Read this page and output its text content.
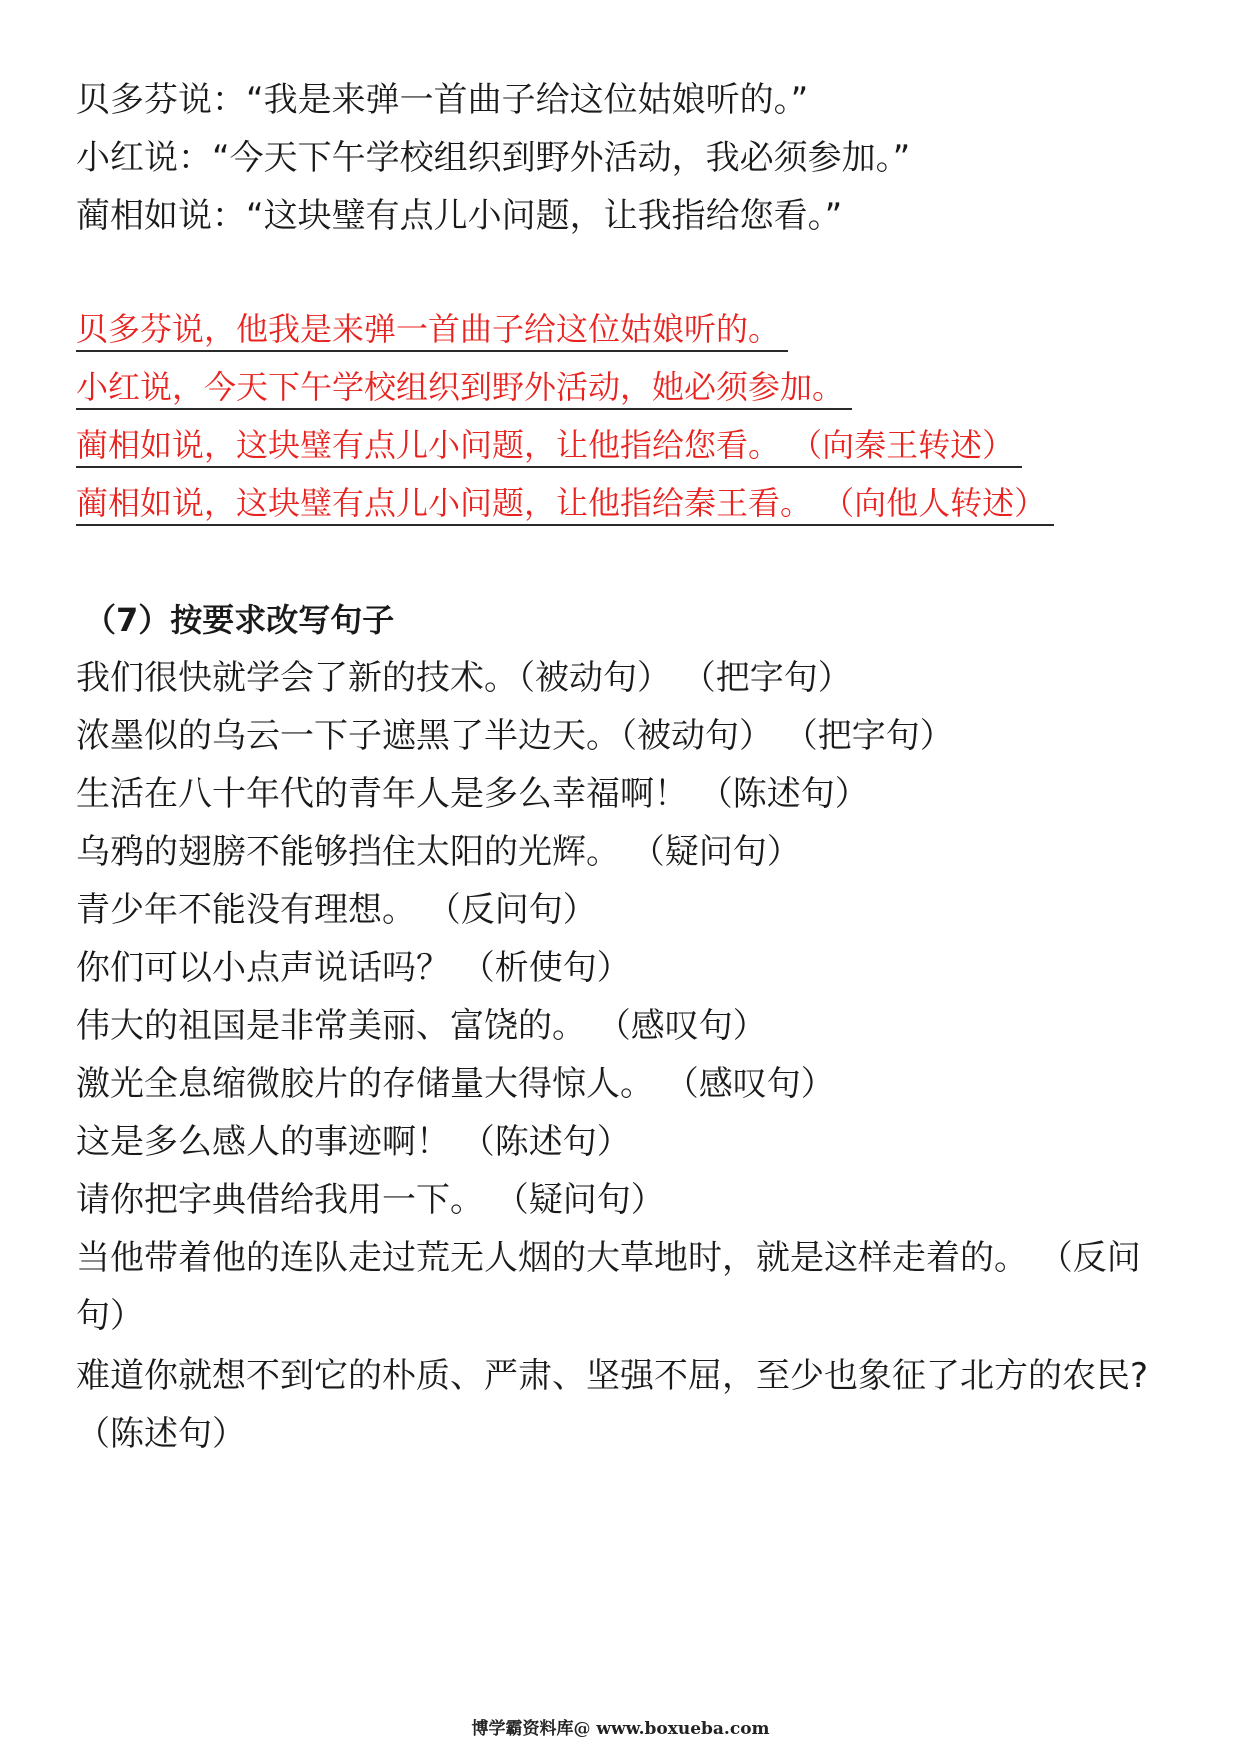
贝多芬说：“我是来弹一首曲子给这位姑娘听的。”
小红说：“今天下午学校组织到野外活动，我必须参加。”
蔺相如说：“这块璧有点儿小问题，让我指给您看。”
贝多芬说，他我是来弹一首曲子给这位姑娘听的。
小红说，今天下午学校组织到野外活动，她必须参加。
蔺相如说，这块璧有点儿小问题，让他指给您看。 （向秦王转述）
蔺相如说，这块璧有点儿小问题，让他指给秦王看。 （向他人转述）
（7）按要求改写句子
我们很快就学会了新的技术。（被动句） （把字句）
浓墨似的乌云一下子遮黑了半边天。（被动句） （把字句）
生活在八十年代的青年人是多么幸福啊！ （陈述句）
乌鸦的翅膀不能够挡住太阳的光辉。 （疑问句）
青少年不能没有理想。 （反问句）
你们可以小点声说话吗？ （析使句）
伟大的祖国是非常美丽、富饶的。 （感叹句）
激光全息缩微胶片的存储量大得惊人。 （感叹句）
这是多么感人的事迹啊！ （陈述句）
请你把字典借给我用一下。 （疑问句）
当他带着他的连队走过荒无人烟的大草地时，就是这样走着的。 （反问
句）
难道你就想不到它的朴质、严肃、坚强不屈，至少也象征了北方的农民?
（陈述句）
博学霸资料库@ www.boxueba.com
